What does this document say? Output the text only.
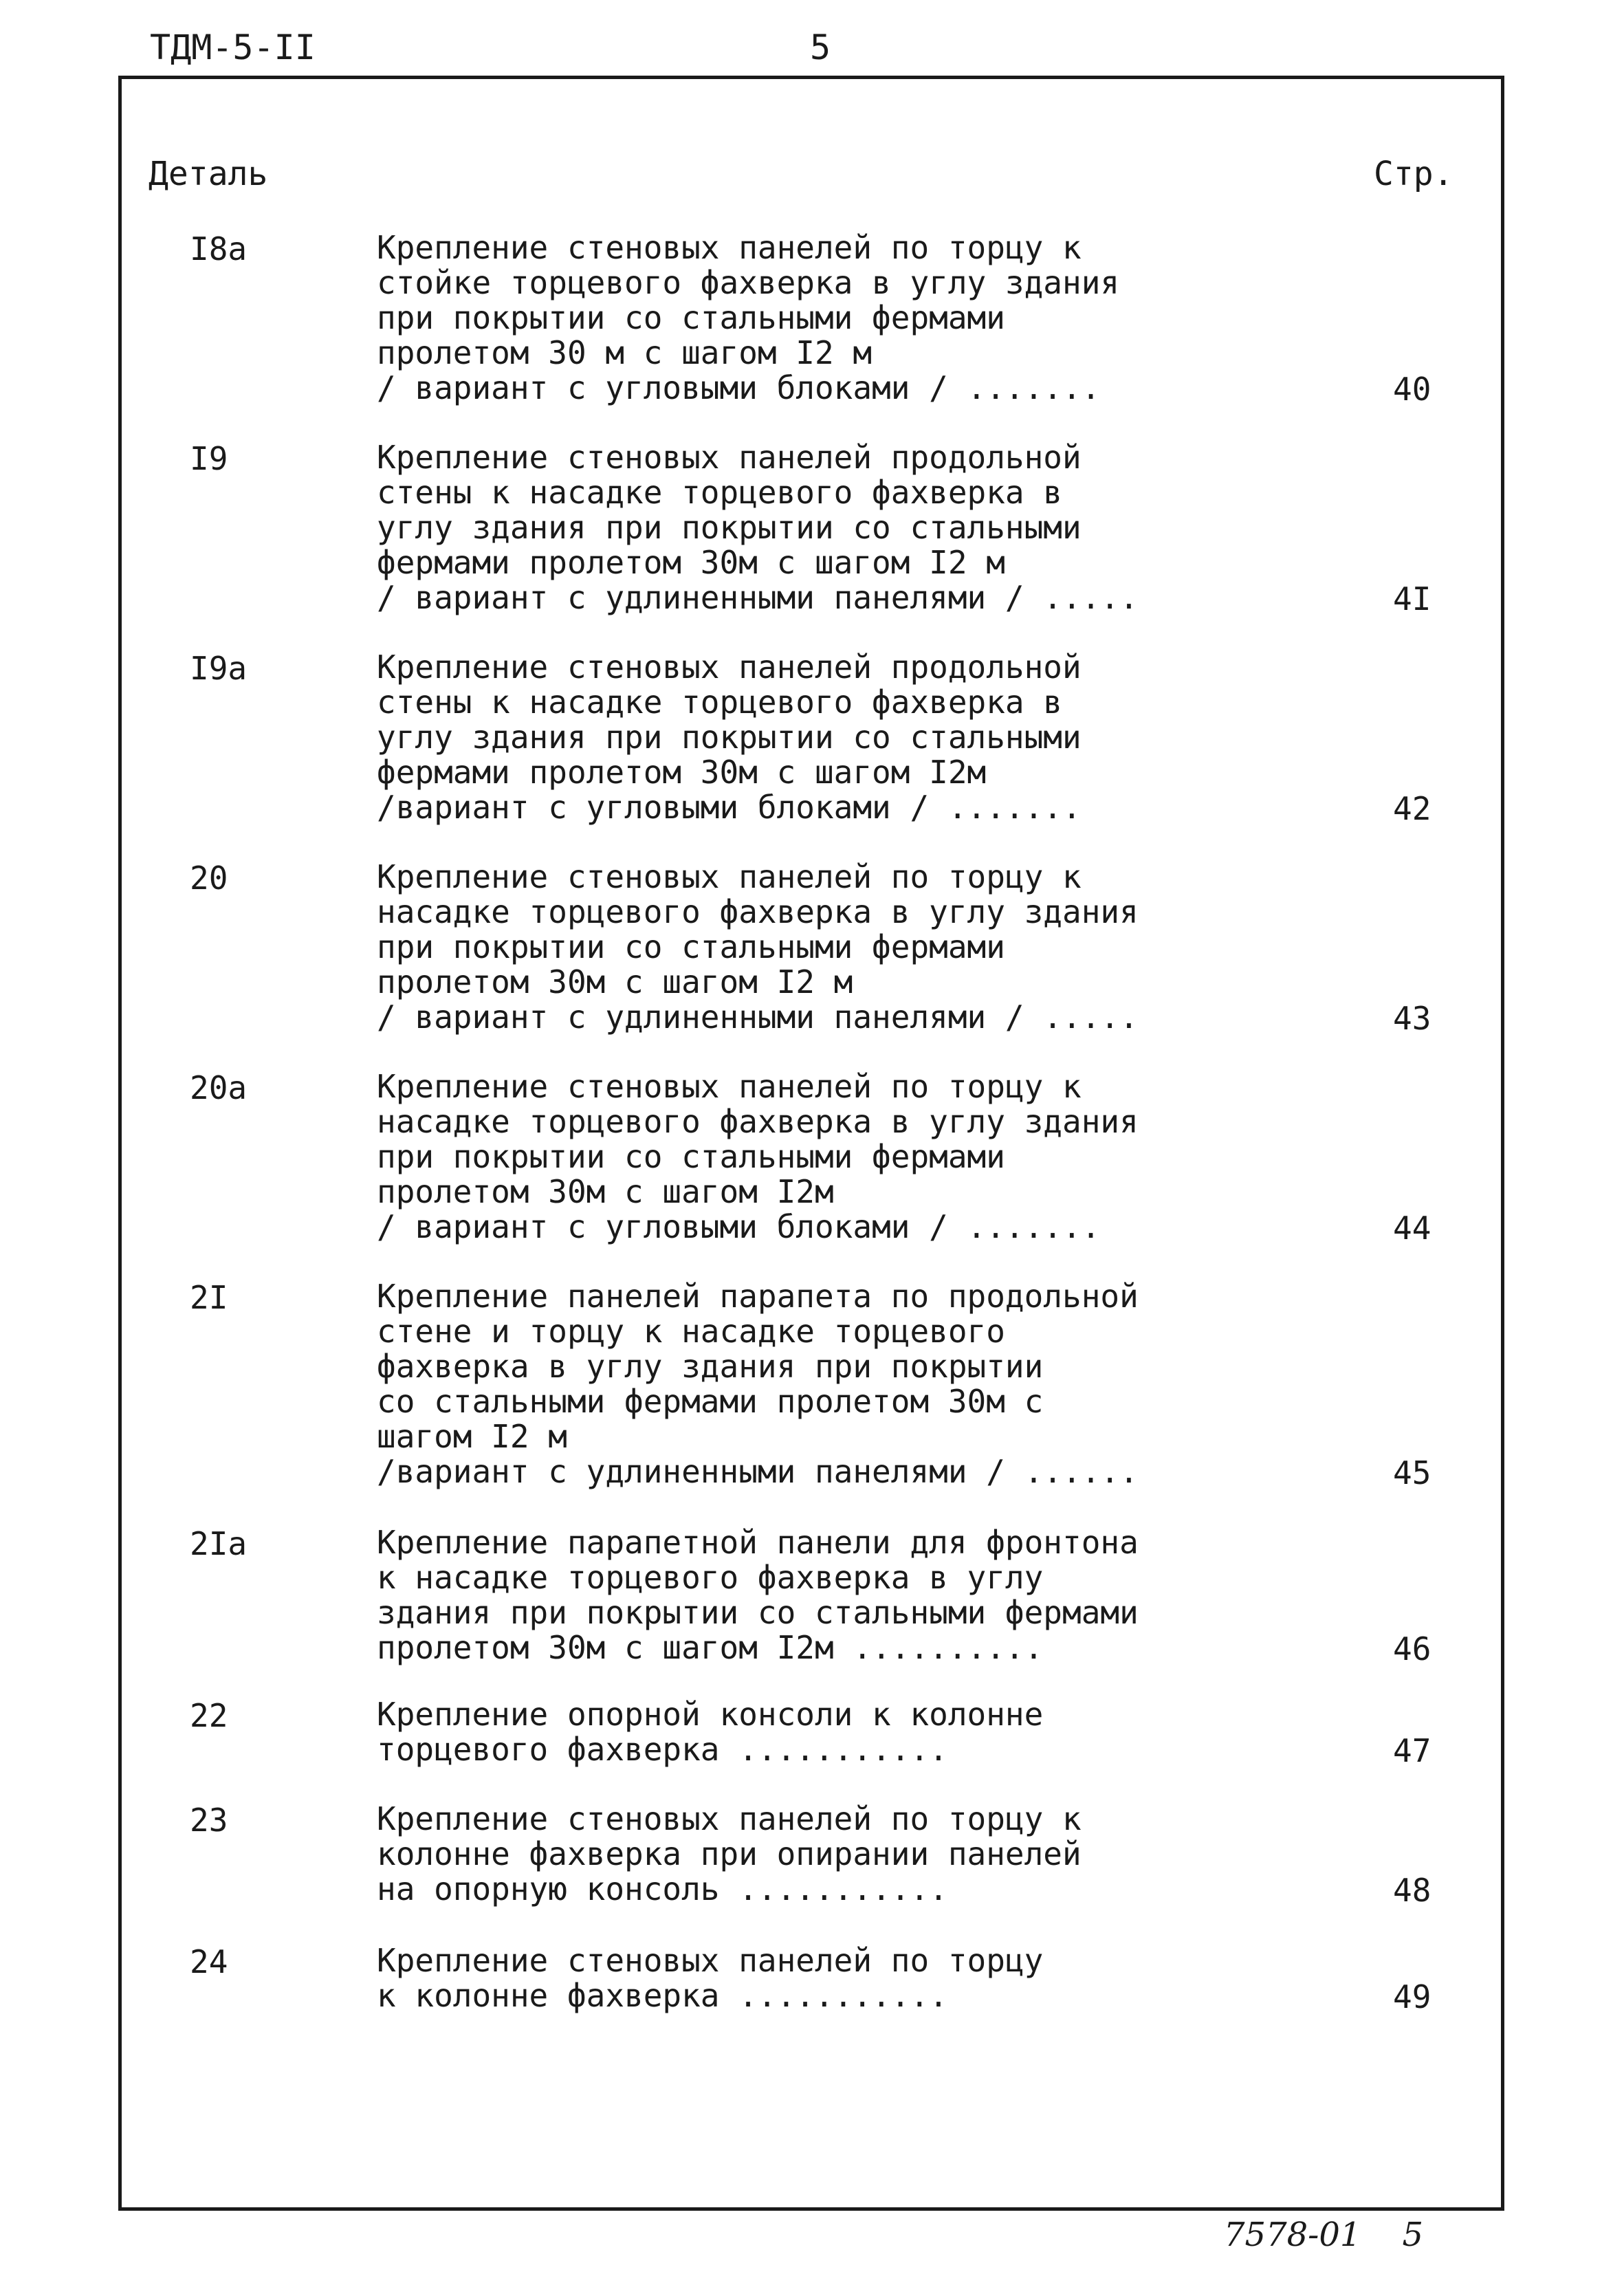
ТДМ-5-II	5
Деталь	Стр.
I8а	Крепление стеновых панелей по торцу к
стойке торцевого фахверка в углу здания
при покрытии со стальными фермами
пролетом 30 м с шагом I2 м
/ вариант с угловыми блоками / .......	40
I9	Крепление стеновых панелей продольной
стены к насадке торцевого фахверка в
углу здания при покрытии со стальными
фермами пролетом 30м с шагом I2 м
/ вариант с удлиненными панелями / .....	4I
I9а	Крепление стеновых панелей продольной
стены к насадке торцевого фахверка в
углу здания при покрытии со стальными
фермами пролетом 30м с шагом I2м
/вариант с угловыми блоками / .......	42
20	Крепление стеновых панелей по торцу к
насадке торцевого фахверка в углу здания
при покрытии со стальными фермами
пролетом 30м с шагом I2 м
/ вариант с удлиненными панелями / .....	43
20а	Крепление стеновых панелей по торцу к
насадке торцевого фахверка в углу здания
при покрытии со стальными фермами
пролетом 30м с шагом I2м
/ вариант с угловыми блоками / .......	44
2I	Крепление панелей парапета по продольной
стене и торцу к насадке торцевого
фахверка в углу здания при покрытии
со стальными фермами пролетом 30м с
шагом I2 м
/вариант с удлиненными панелями / ......	45
2Iа	Крепление парапетной панели для фронтона
к насадке торцевого фахверка в углу
здания при покрытии со стальными фермами
пролетом 30м с шагом I2м ..........	46
22	Крепление опорной консоли к колонне
торцевого фахверка ...........	47
23	Крепление стеновых панелей по торцу к
колонне фахверка при опирании панелей
на опорную консоль ...........	48
24	Крепление стеновых панелей по торцу
к колонне фахверка ...........	49
7578-01 5
